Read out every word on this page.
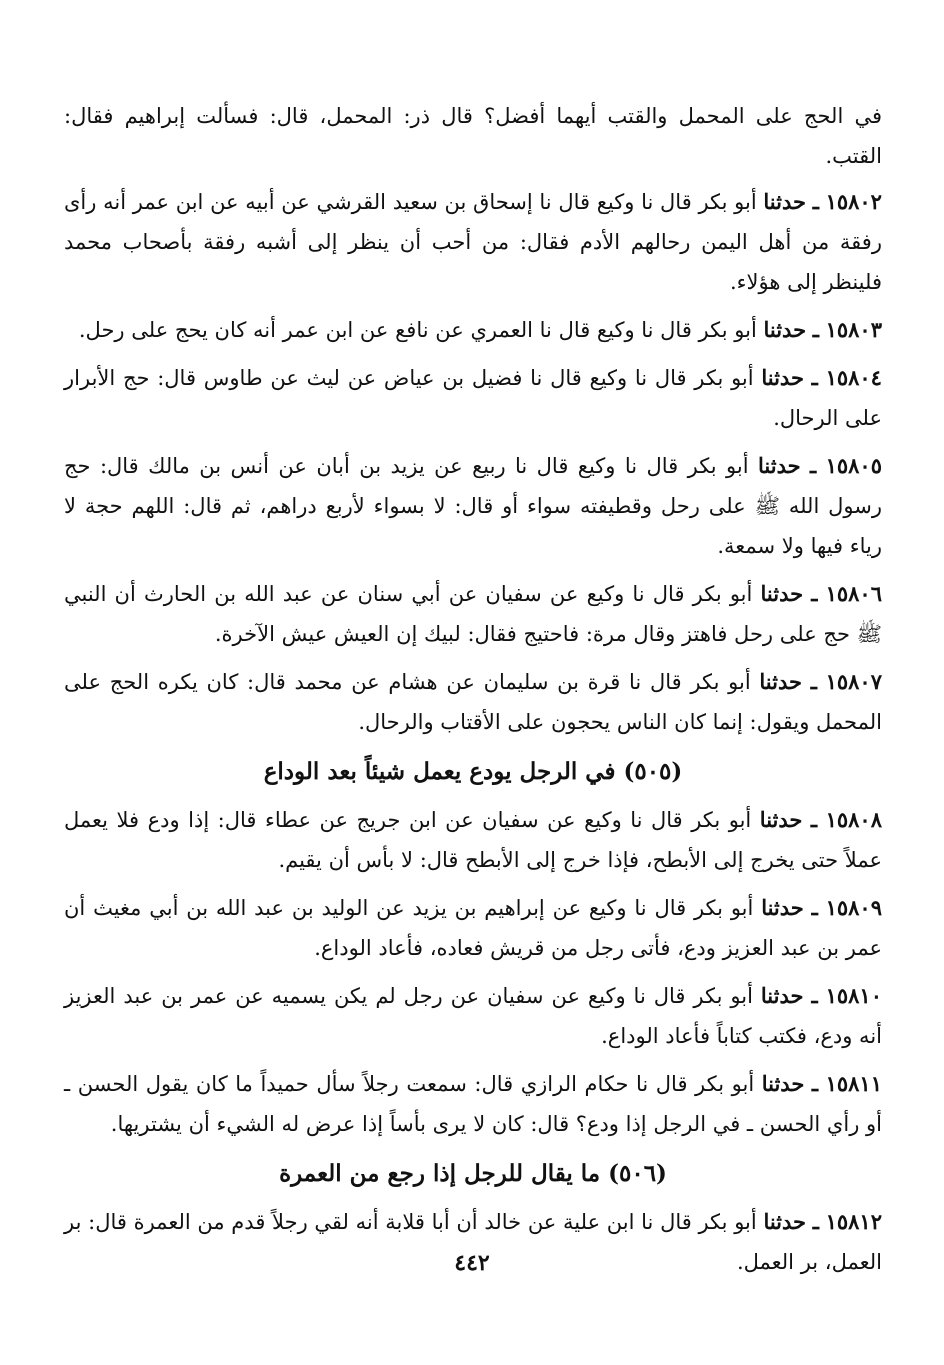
في الحج على المحمل والقتب أيهما أفضل؟ قال ذر: المحمل، قال: فسألت إبراهيم فقال: القتب.

١٥٨٠٢ ـ حدثنا أبو بكر قال نا وكيع قال نا إسحاق بن سعيد القرشي عن أبيه عن ابن عمر أنه رأى رفقة من أهل اليمن رحالهم الأدم فقال: من أحب أن ينظر إلى أشبه رفقة بأصحاب محمد فلينظر إلى هؤلاء.

١٥٨٠٣ ـ حدثنا أبو بكر قال نا وكيع قال نا العمري عن نافع عن ابن عمر أنه كان يحج على رحل.

١٥٨٠٤ ـ حدثنا أبو بكر قال نا وكيع قال نا فضيل بن عياض عن ليث عن طاوس قال: حج الأبرار على الرحال.

١٥٨٠٥ ـ حدثنا أبو بكر قال نا وكيع قال نا ربيع عن يزيد بن أبان عن أنس بن مالك قال: حج رسول الله ﷺ على رحل وقطيفته سواء أو قال: لا بسواء لأربع دراهم، ثم قال: اللهم حجة لا رياء فيها ولا سمعة.

١٥٨٠٦ ـ حدثنا أبو بكر قال نا وكيع عن سفيان عن أبي سنان عن عبد الله بن الحارث أن النبي ﷺ حج على رحل فاهتز وقال مرة: فاحتيج فقال: لبيك إن العيش عيش الآخرة.

١٥٨٠٧ ـ حدثنا أبو بكر قال نا قرة بن سليمان عن هشام عن محمد قال: كان يكره الحج على المحمل ويقول: إنما كان الناس يحجون على الأقتاب والرحال.

(٥٠٥) في الرجل يودع يعمل شيئاً بعد الوداع

١٥٨٠٨ ـ حدثنا أبو بكر قال نا وكيع عن سفيان عن ابن جريج عن عطاء قال: إذا ودع فلا يعمل عملاً حتى يخرج إلى الأبطح، فإذا خرج إلى الأبطح قال: لا بأس أن يقيم.

١٥٨٠٩ ـ حدثنا أبو بكر قال نا وكيع عن إبراهيم بن يزيد عن الوليد بن عبد الله بن أبي مغيث أن عمر بن عبد العزيز ودع، فأتى رجل من قريش فعاده، فأعاد الوداع.

١٥٨١٠ ـ حدثنا أبو بكر قال نا وكيع عن سفيان عن رجل لم يكن يسميه عن عمر بن عبد العزيز أنه ودع، فكتب كتاباً فأعاد الوداع.

١٥٨١١ ـ حدثنا أبو بكر قال نا حكام الرازي قال: سمعت رجلاً سأل حميداً ما كان يقول الحسن ـ أو رأي الحسن ـ في الرجل إذا ودع؟ قال: كان لا يرى بأساً إذا عرض له الشيء أن يشتريها.

(٥٠٦) ما يقال للرجل إذا رجع من العمرة

١٥٨١٢ ـ حدثنا أبو بكر قال نا ابن علية عن خالد أن أبا قلابة أنه لقي رجلاً قدم من العمرة قال: بر العمل، بر العمل.

٤٤٢
